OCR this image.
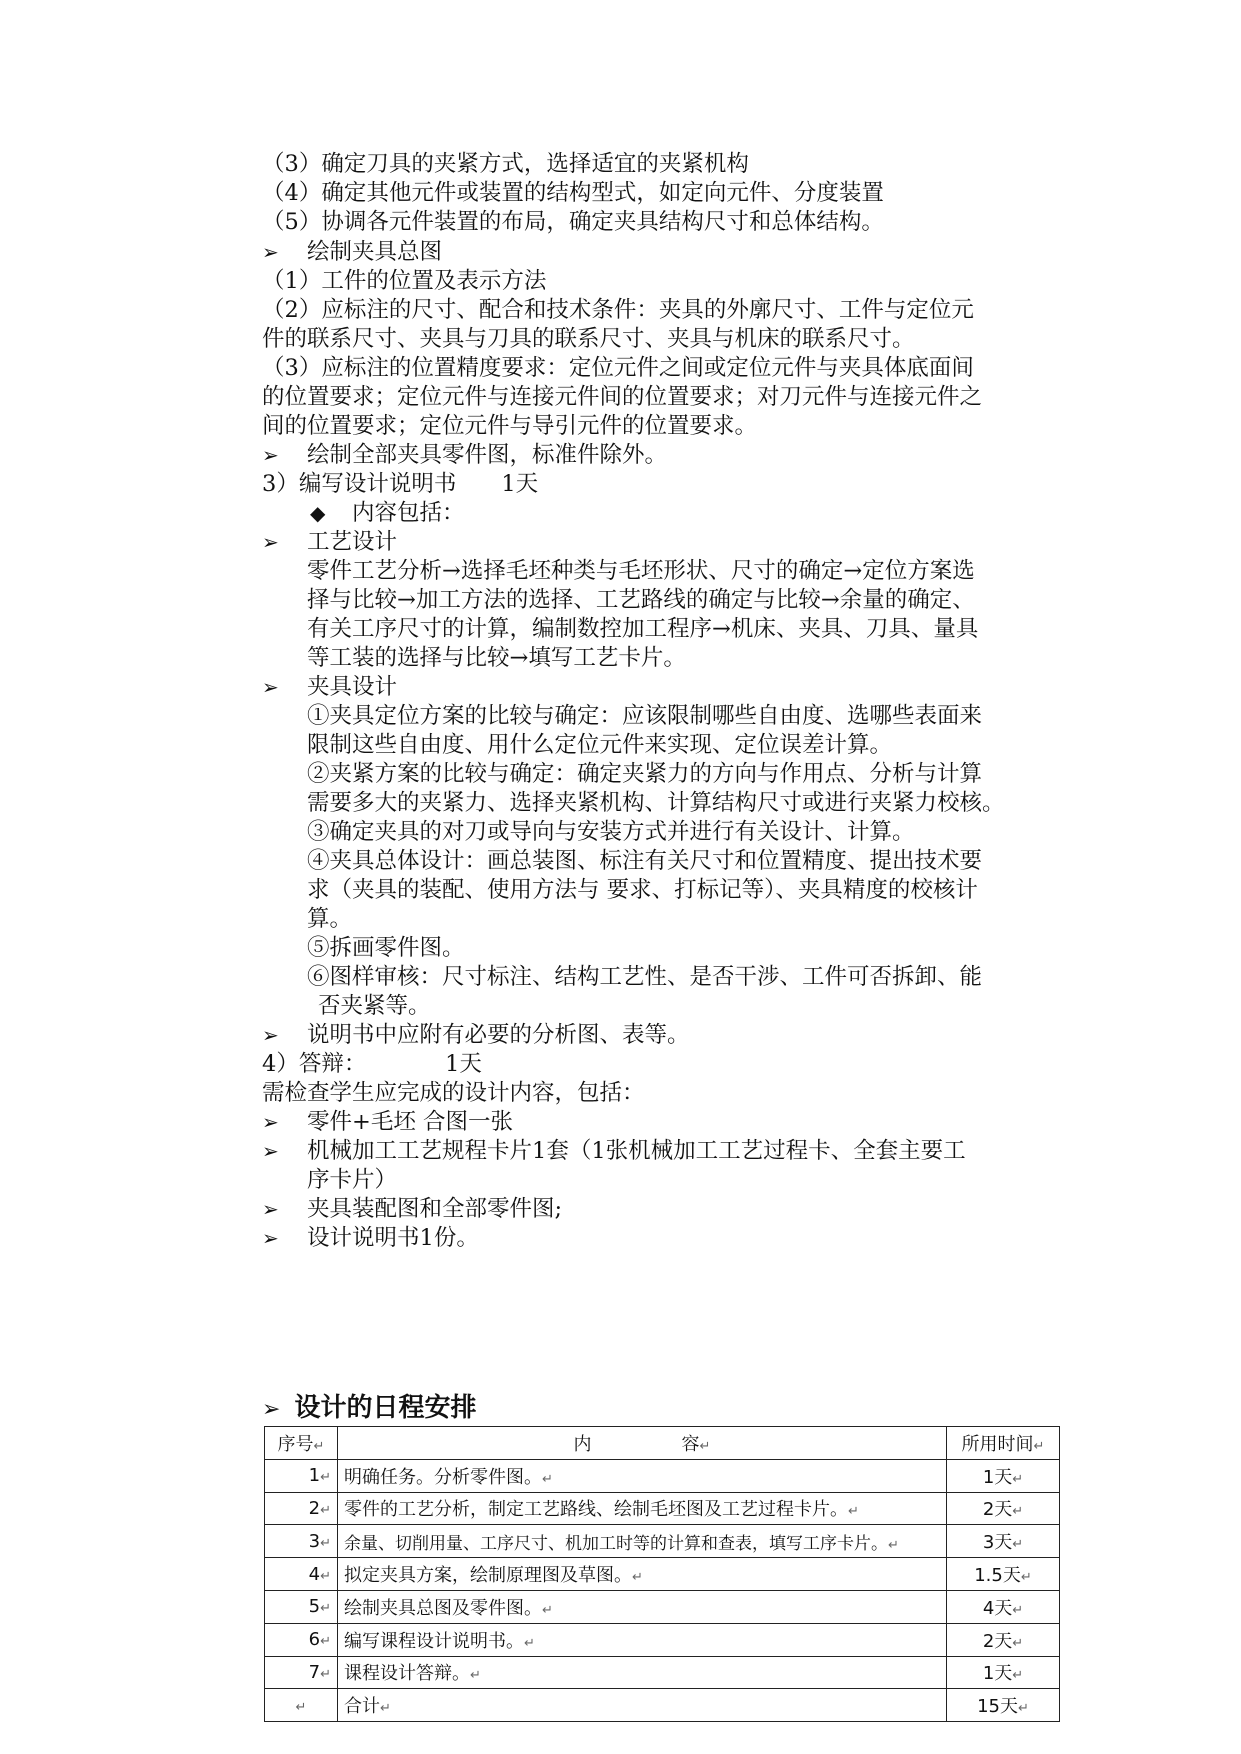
（3）确定刀具的夹紧方式，选择适宜的夹紧机构
（4）确定其他元件或装置的结构型式，如定向元件、分度装置
（5）协调各元件装置的布局，确定夹具结构尺寸和总体结构。
➢ 绘制夹具总图
（1）工件的位置及表示方法
（2）应标注的尺寸、配合和技术条件：夹具的外廓尺寸、工件与定位元
件的联系尺寸、夹具与刀具的联系尺寸、夹具与机床的联系尺寸。
（3）应标注的位置精度要求：定位元件之间或定位元件与夹具体底面间
的位置要求；定位元件与连接元件间的位置要求；对刀元件与连接元件之
间的位置要求；定位元件与导引元件的位置要求。
➢ 绘制全部夹具零件图，标准件除外。
3）编写设计说明书　　1天
◆ 内容包括：
➢ 工艺设计
零件工艺分析→选择毛坯种类与毛坯形状、尺寸的确定→定位方案选
择与比较→加工方法的选择、工艺路线的确定与比较→余量的确定、
有关工序尺寸的计算，编制数控加工程序→机床、夹具、刀具、量具
等工装的选择与比较→填写工艺卡片。
➢ 夹具设计
①夹具定位方案的比较与确定：应该限制哪些自由度、选哪些表面来
限制这些自由度、用什么定位元件来实现、定位误差计算。
②夹紧方案的比较与确定：确定夹紧力的方向与作用点、分析与计算
需要多大的夹紧力、选择夹紧机构、计算结构尺寸或进行夹紧力校核。
③确定夹具的对刀或导向与安装方式并进行有关设计、计算。
④夹具总体设计：画总装图、标注有关尺寸和位置精度、提出技术要
求（夹具的装配、使用方法与 要求、打标记等）、夹具精度的校核计
算。
⑤拆画零件图。
⑥图样审核：尺寸标注、结构工艺性、是否干涉、工件可否拆卸、能
否夹紧等。
➢ 说明书中应附有必要的分析图、表等。
4）答辩：　　　　1天
需检查学生应完成的设计内容，包括：
➢ 零件+毛坯 合图一张
➢ 机械加工工艺规程卡片1套（1张机械加工工艺过程卡、全套主要工
序卡片）
➢ 夹具装配图和全部零件图;
➢ 设计说明书1份。
➢ 设计的日程安排
序号↵	内　　　　　容↵	所用时间↵
1↵	明确任务。分析零件图。↵	1天↵
2↵	零件的工艺分析，制定工艺路线、绘制毛坯图及工艺过程卡片。↵	2天↵
3↵	余量、切削用量、工序尺寸、机加工时等的计算和查表，填写工序卡片。↵	3天↵
4↵	拟定夹具方案，绘制原理图及草图。↵	1.5天↵
5↵	绘制夹具总图及零件图。↵	4天↵
6↵	编写课程设计说明书。↵	2天↵
7↵	课程设计答辩。↵	1天↵
↵	合计↵	15天↵
